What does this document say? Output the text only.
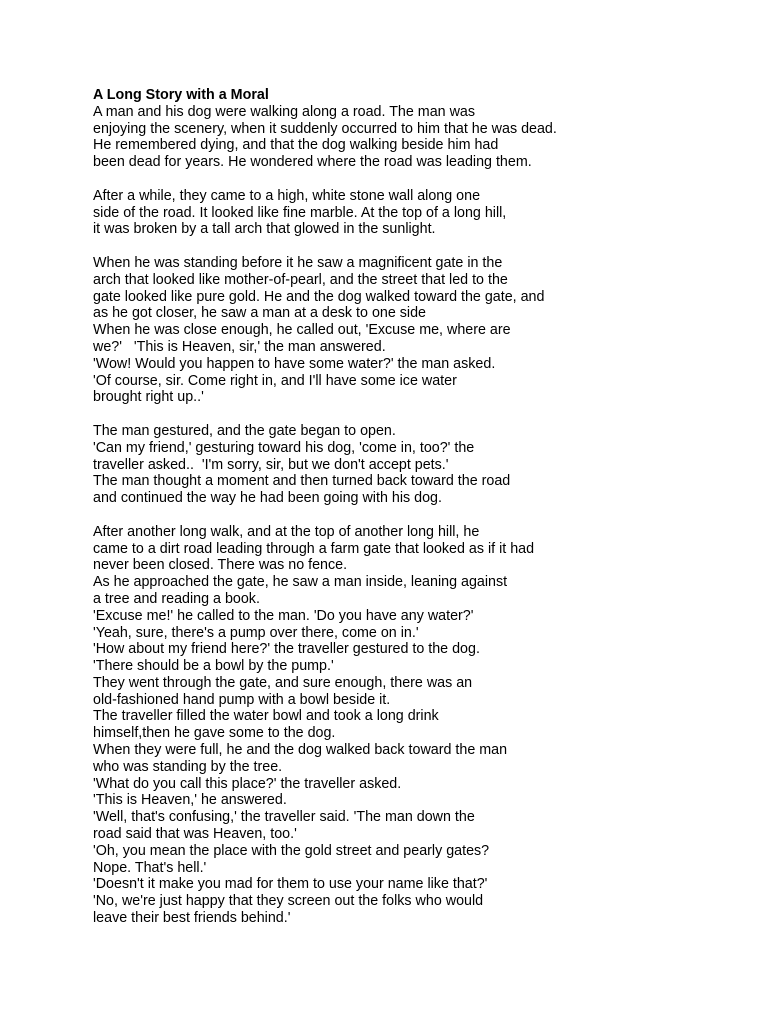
A Long Story with a Moral
A man and his dog were walking along a road. The man was
enjoying the scenery, when it suddenly occurred to him that he was dead.
He remembered dying, and that the dog walking beside him had
been dead for years. He wondered where the road was leading them.
After a while, they came to a high, white stone wall along one
side of the road. It looked like fine marble. At the top of a long hill,
it was broken by a tall arch that glowed in the sunlight.
When he was standing before it he saw a magnificent gate in the
arch that looked like mother-of-pearl, and the street that led to the
gate looked like pure gold. He and the dog walked toward the gate, and
as he got closer, he saw a man at a desk to one side
When he was close enough, he called out, 'Excuse me, where are
we?'   'This is Heaven, sir,' the man answered.
'Wow! Would you happen to have some water?' the man asked.
'Of course, sir. Come right in, and I'll have some ice water
brought right up..'
The man gestured, and the gate began to open.
'Can my friend,' gesturing toward his dog, 'come in, too?' the
traveller asked..  'I'm sorry, sir, but we don't accept pets.'
The man thought a moment and then turned back toward the road
and continued the way he had been going with his dog.
After another long walk, and at the top of another long hill, he
came to a dirt road leading through a farm gate that looked as if it had
never been closed. There was no fence.
As he approached the gate, he saw a man inside, leaning against
a tree and reading a book.
'Excuse me!' he called to the man. 'Do you have any water?'
'Yeah, sure, there's a pump over there, come on in.'
'How about my friend here?' the traveller gestured to the dog.
'There should be a bowl by the pump.'
They went through the gate, and sure enough, there was an
old-fashioned hand pump with a bowl beside it.
The traveller filled the water bowl and took a long drink
himself,then he gave some to the dog.
When they were full, he and the dog walked back toward the man
who was standing by the tree.
'What do you call this place?' the traveller asked.
'This is Heaven,' he answered.
'Well, that's confusing,' the traveller said. 'The man down the
road said that was Heaven, too.'
'Oh, you mean the place with the gold street and pearly gates?
Nope. That's hell.'
'Doesn't it make you mad for them to use your name like that?'
'No, we're just happy that they screen out the folks who would
leave their best friends behind.'
